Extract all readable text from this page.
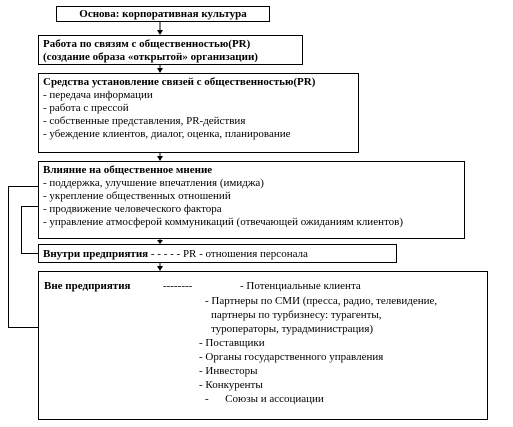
Основа: корпоративная культура
Работа по связям с общественностью(PR)
(создание образа «открытой» организации)
Средства установление связей с общественностью(PR)
- передача информации
- работа с прессой
- собственные представления, PR-действия
- убеждение клиентов, диалог, оценка, планирование
Влияние на общественное мнение
- поддержка, улучшение впечатления (имиджа)
- укрепление общественных отношений
- продвижение человеческого фактора
- управление атмосферой коммуникаций (отвечающей ожиданиям клиентов)
Внутри предприятия - - - - - PR - отношения персонала
Вне предприятия	--------	- Потенциальные клиента
- Партнеры по СМИ (пресса, радио, телевидение,
партнеры по турбизнесу: турагенты,
туроператоры, турадминистрация)
- Поставщики
- Органы государственного управления
- Инвесторы
- Конкуренты
-      Союзы и ассоциации
